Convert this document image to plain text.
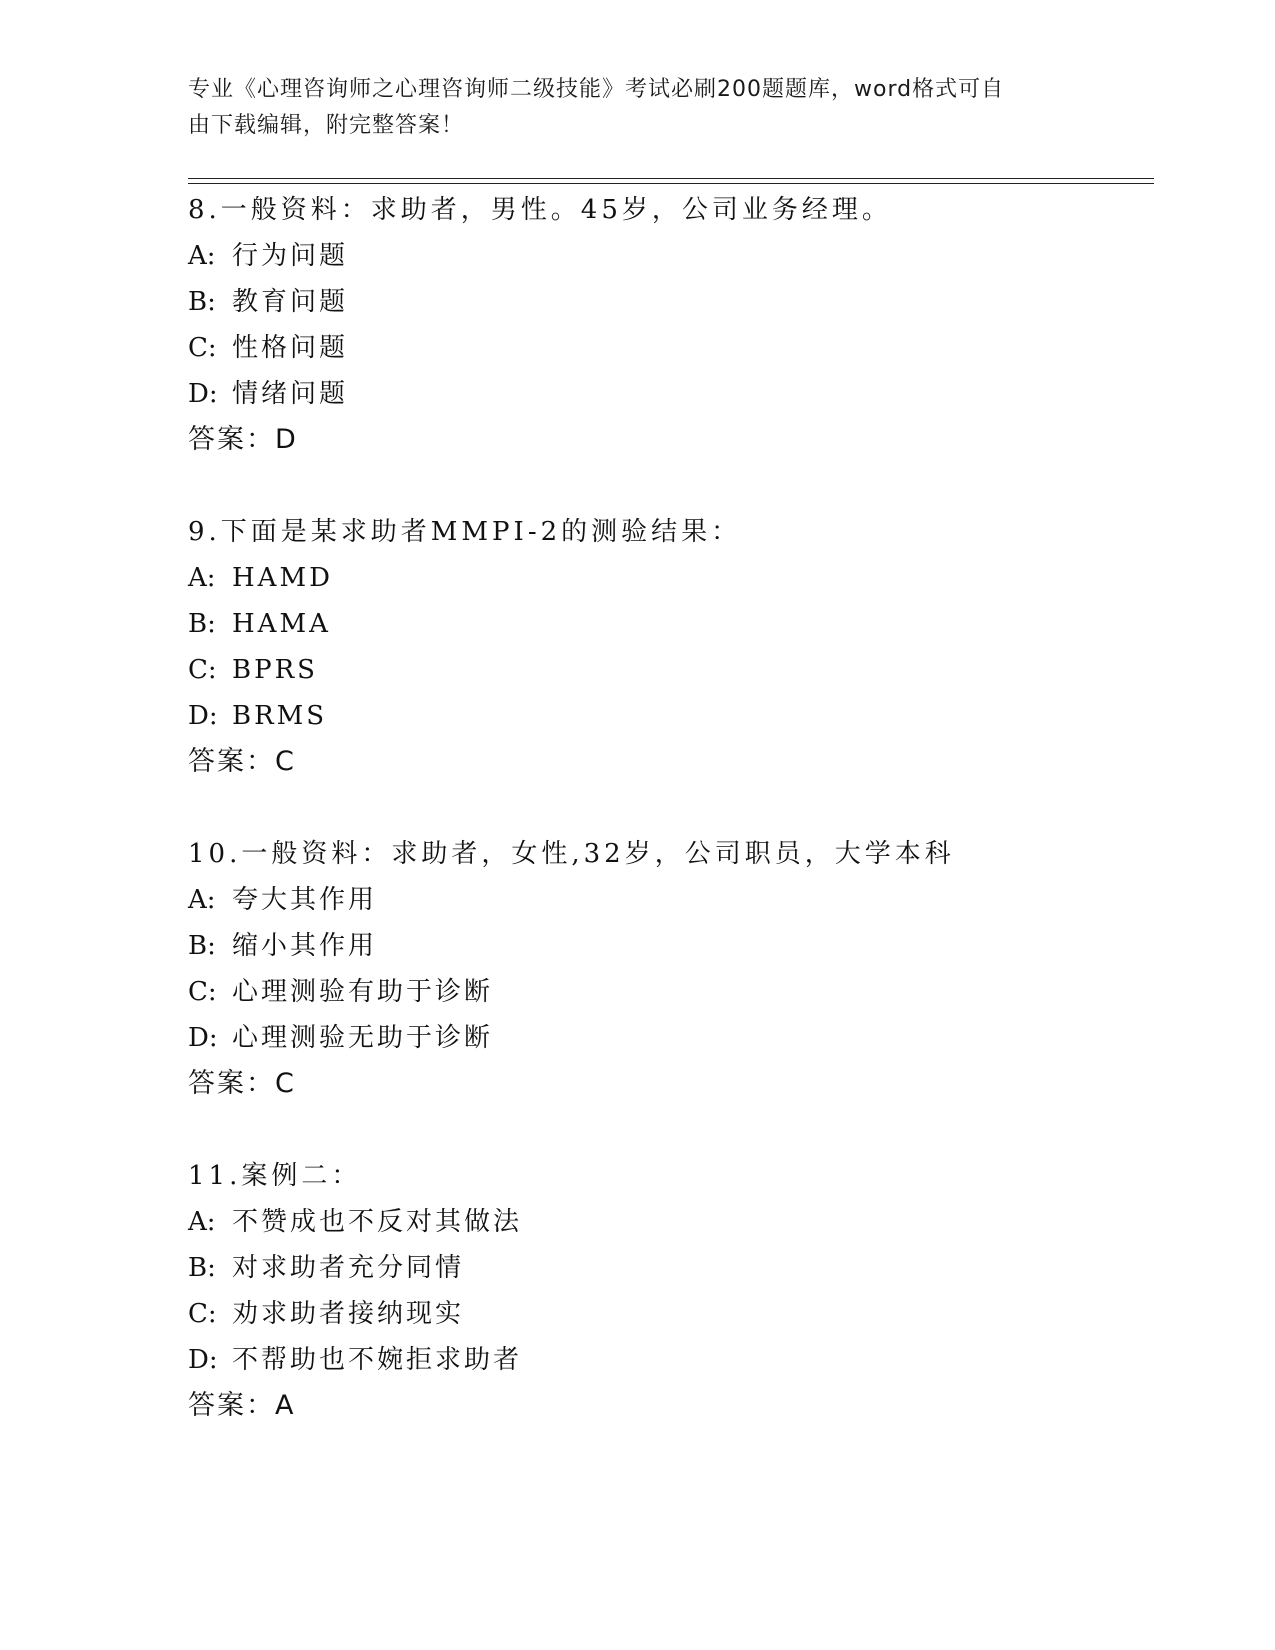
专业《心理咨询师之心理咨询师二级技能》考试必刷200题题库，word格式可自

由下载编辑，附完整答案！

8.一般资料：求助者，男性。45岁，公司业务经理。
A: 行为问题
B: 教育问题
C: 性格问题
D: 情绪问题
答案：D
9.下面是某求助者MMPI-2的测验结果：
A: HAMD
B: HAMA
C: BPRS
D: BRMS
答案：C
10.一般资料：求助者，女性,32岁，公司职员，大学本科
A: 夸大其作用
B: 缩小其作用
C: 心理测验有助于诊断
D: 心理测验无助于诊断
答案：C
11.案例二：
A: 不赞成也不反对其做法
B: 对求助者充分同情
C: 劝求助者接纳现实
D: 不帮助也不婉拒求助者
答案：A
